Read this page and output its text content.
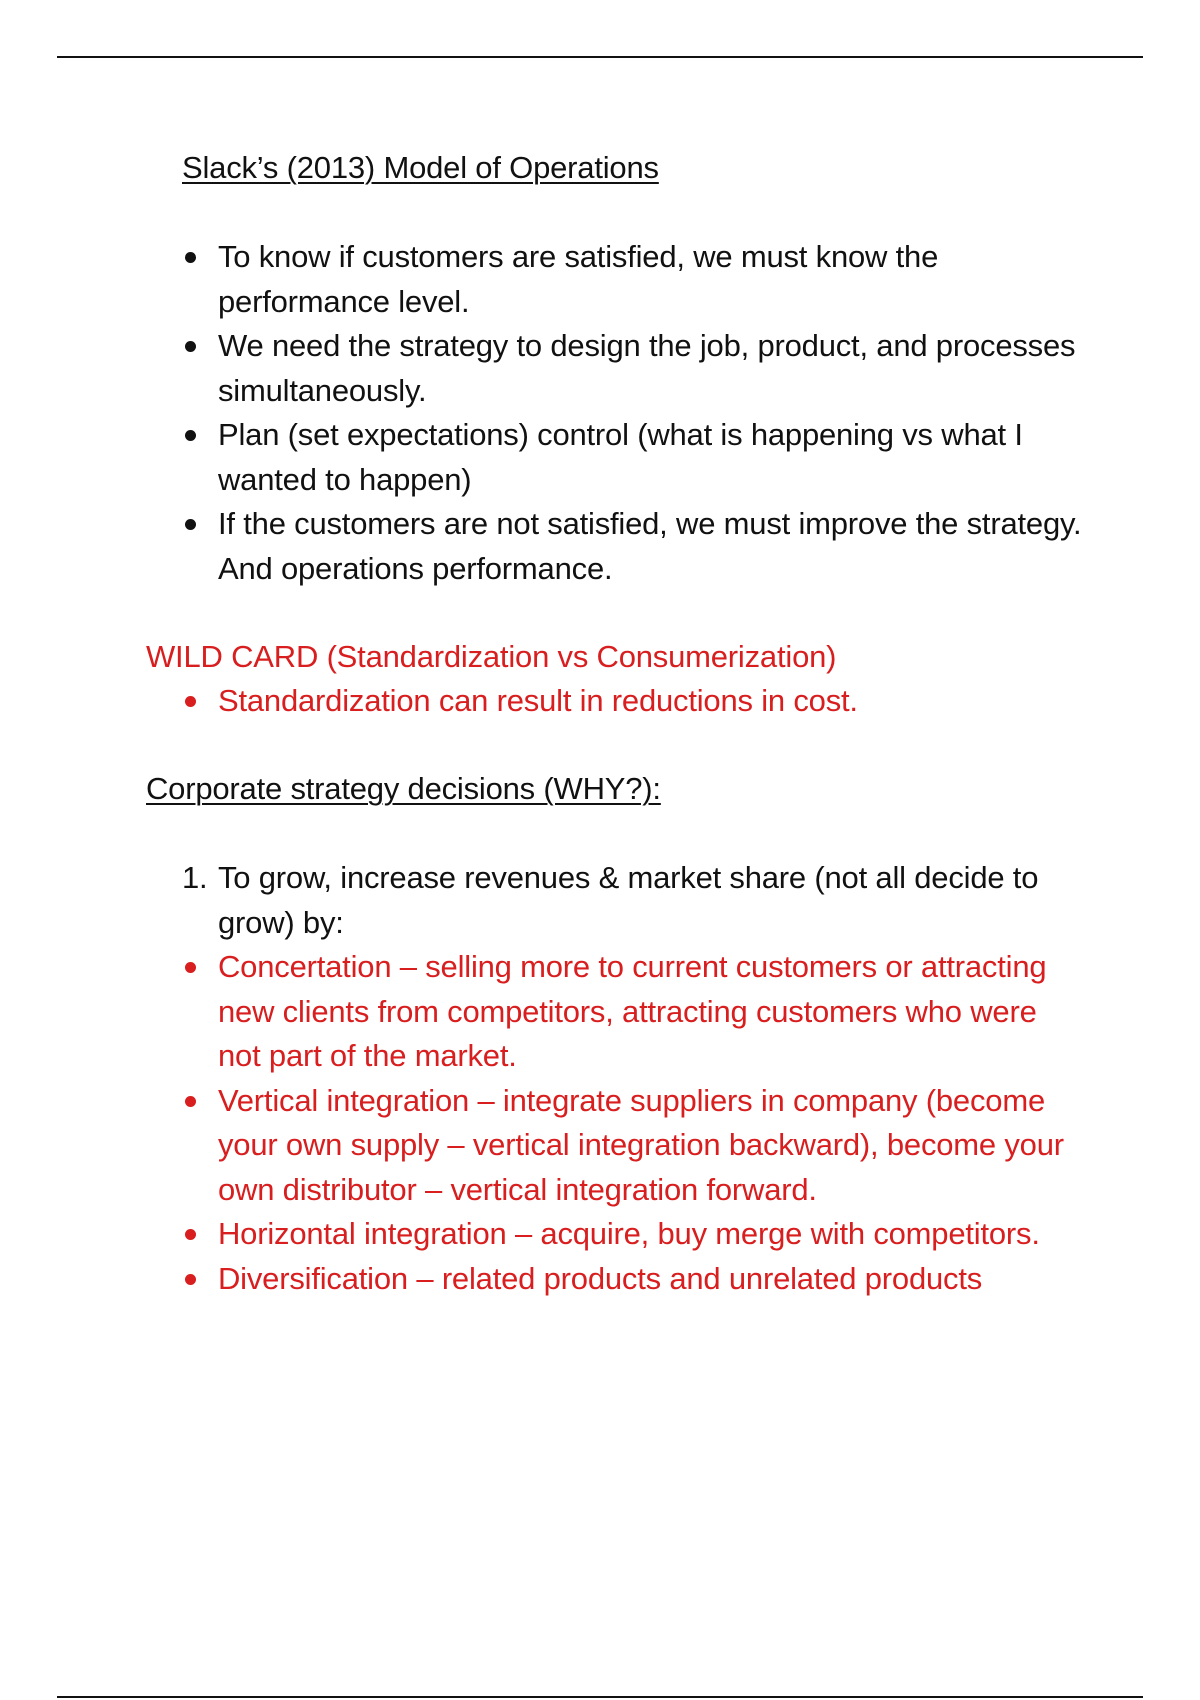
Slack’s (2013) Model of Operations
To know if customers are satisfied, we must know the performance level.
We need the strategy to design the job, product, and processes simultaneously.
Plan (set expectations) control (what is happening vs what I wanted to happen)
If the customers are not satisfied, we must improve the strategy. And operations performance.
WILD CARD (Standardization vs Consumerization)
Standardization can result in reductions in cost.
Corporate strategy decisions (WHY?):
1. To grow, increase revenues & market share (not all decide to grow) by:
Concertation – selling more to current customers or attracting new clients from competitors, attracting customers who were not part of the market.
Vertical integration – integrate suppliers in company (become your own supply – vertical integration backward), become your own distributor – vertical integration forward.
Horizontal integration – acquire, buy merge with competitors.
Diversification – related products and unrelated products
